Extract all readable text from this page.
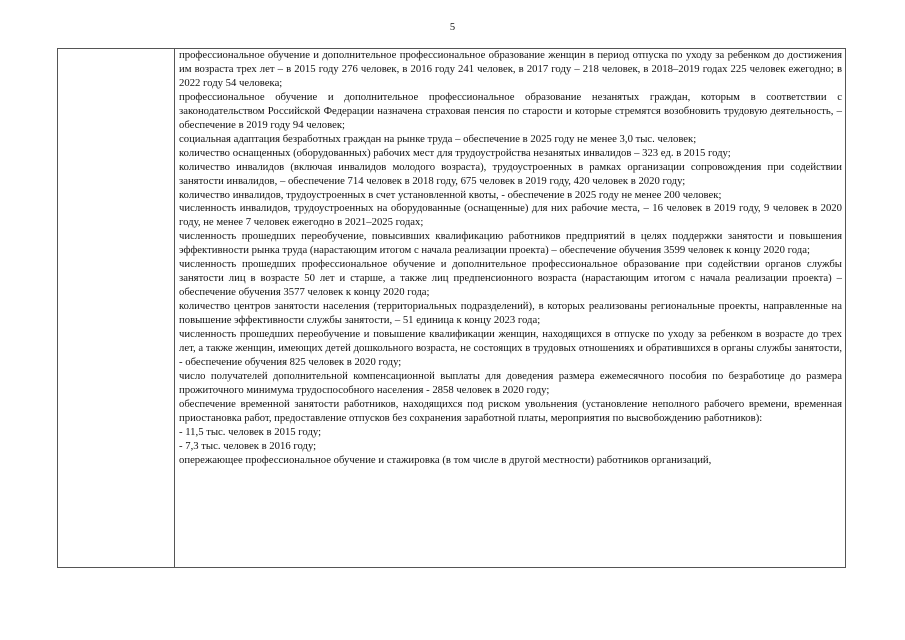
5

профессиональное обучение и дополнительное профессиональное образование женщин в период отпуска по уходу за ребенком до достижения им возраста трех лет – в 2015 году 276 человек, в 2016 году 241 человек, в 2017 году – 218 человек, в 2018–2019 годах 225 человек ежегодно; в 2022 году 54 человека;

профессиональное обучение и дополнительное профессиональное образование незанятых граждан, которым в соответствии с законодательством Российской Федерации назначена страховая пенсия по старости и которые стремятся возобновить трудовую деятельность, – обеспечение в 2019 году 94 человек;

социальная адаптация безработных граждан на рынке труда – обеспечение в 2025 году не менее 3,0 тыс. человек;

количество оснащенных (оборудованных) рабочих мест для трудоустройства незанятых инвалидов – 323 ед. в 2015 году;

количество инвалидов (включая инвалидов молодого возраста), трудоустроенных в рамках организации сопровождения при содействии занятости инвалидов, – обеспечение 714 человек в 2018 году, 675 человек в 2019 году, 420 человек в 2020 году;

количество инвалидов, трудоустроенных в счет установленной квоты, - обеспечение в 2025 году не менее 200 человек;

численность инвалидов, трудоустроенных на оборудованные (оснащенные) для них рабочие места, – 16 человек в 2019 году, 9 человек в 2020 году, не менее 7 человек ежегодно в 2021–2025 годах;

численность прошедших переобучение, повысивших квалификацию работников предприятий в целях поддержки занятости и повышения эффективности рынка труда (нарастающим итогом с начала реализации проекта) – обеспечение обучения 3599 человек к концу 2020 года;

численность прошедших профессиональное обучение и дополнительное профессиональное образование при содействии органов службы занятости лиц в возрасте 50 лет и старше, а также лиц предпенсионного возраста (нарастающим итогом с начала реализации проекта) – обеспечение обучения 3577 человек к концу 2020 года;

количество центров занятости населения (территориальных подразделений), в которых реализованы региональные проекты, направленные на повышение эффективности службы занятости, – 51 единица к концу 2023 года;

численность прошедших переобучение и повышение квалификации женщин, находящихся в отпуске по уходу за ребенком в возрасте до трех лет, а также женщин, имеющих детей дошкольного возраста, не состоящих в трудовых отношениях и обратившихся в органы службы занятости, - обеспечение обучения 825 человек в 2020 году;

число получателей дополнительной компенсационной выплаты для доведения размера ежемесячного пособия по безработице до размера прожиточного минимума трудоспособного населения - 2858 человек в 2020 году;

обеспечение временной занятости работников, находящихся под риском увольнения (установление неполного рабочего времени, временная приостановка работ, предоставление отпусков без сохранения заработной платы, мероприятия по высвобождению работников):

- 11,5 тыс. человек в 2015 году;

- 7,3 тыс. человек в 2016 году;

опережающее профессиональное обучение и стажировка (в том числе в другой местности) работников организаций,
